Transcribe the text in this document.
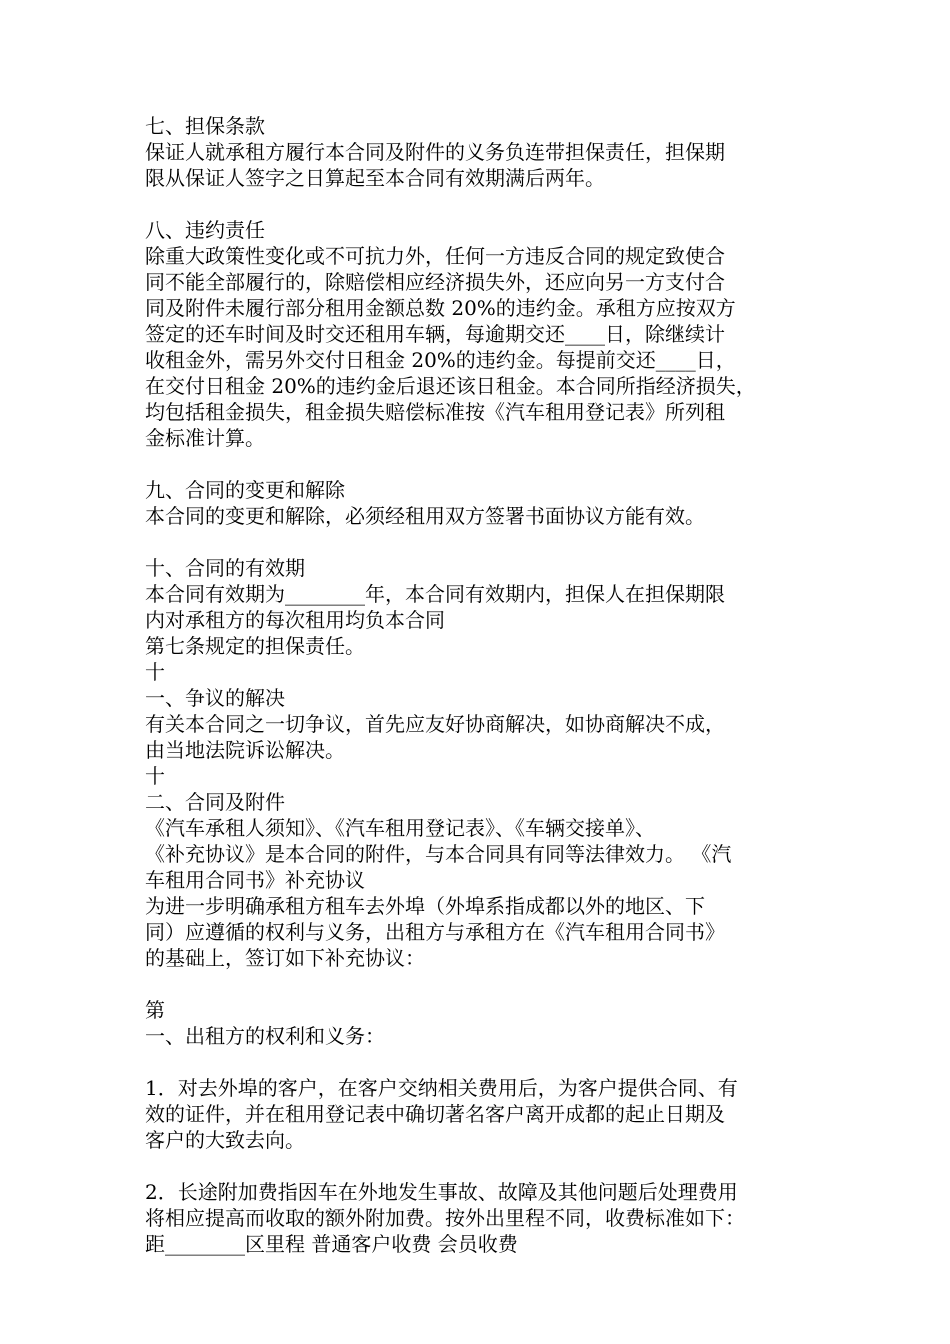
七、担保条款
保证人就承租方履行本合同及附件的义务负连带担保责任，担保期
限从保证人签字之日算起至本合同有效期满后两年。
八、违约责任
除重大政策性变化或不可抗力外，任何一方违反合同的规定致使合
同不能全部履行的，除赔偿相应经济损失外，还应向另一方支付合
同及附件未履行部分租用金额总数 20%的违约金。承租方应按双方
签定的还车时间及时交还租用车辆，每逾期交还____日，除继续计
收租金外，需另外交付日租金 20%的违约金。每提前交还____日，
在交付日租金 20%的违约金后退还该日租金。本合同所指经济损失，
均包括租金损失，租金损失赔偿标准按《汽车租用登记表》所列租
金标准计算。
九、合同的变更和解除
本合同的变更和解除，必须经租用双方签署书面协议方能有效。
十、合同的有效期
本合同有效期为________年，本合同有效期内，担保人在担保期限
内对承租方的每次租用均负本合同
第七条规定的担保责任。
十
一、争议的解决
有关本合同之一切争议，首先应友好协商解决，如协商解决不成，
由当地法院诉讼解决。
十
二、合同及附件
《汽车承租人须知》、《汽车租用登记表》、《车辆交接单》、
《补充协议》是本合同的附件，与本合同具有同等法律效力。 《汽
车租用合同书》补充协议
为进一步明确承租方租车去外埠（外埠系指成都以外的地区、下
同）应遵循的权利与义务，出租方与承租方在《汽车租用合同书》
的基础上，签订如下补充协议：
第
一、出租方的权利和义务：
1．对去外埠的客户，在客户交纳相关费用后，为客户提供合同、有
效的证件，并在租用登记表中确切著名客户离开成都的起止日期及
客户的大致去向。
2．长途附加费指因车在外地发生事故、故障及其他问题后处理费用
将相应提高而收取的额外附加费。按外出里程不同，收费标准如下：
距________区里程 普通客户收费 会员收费
